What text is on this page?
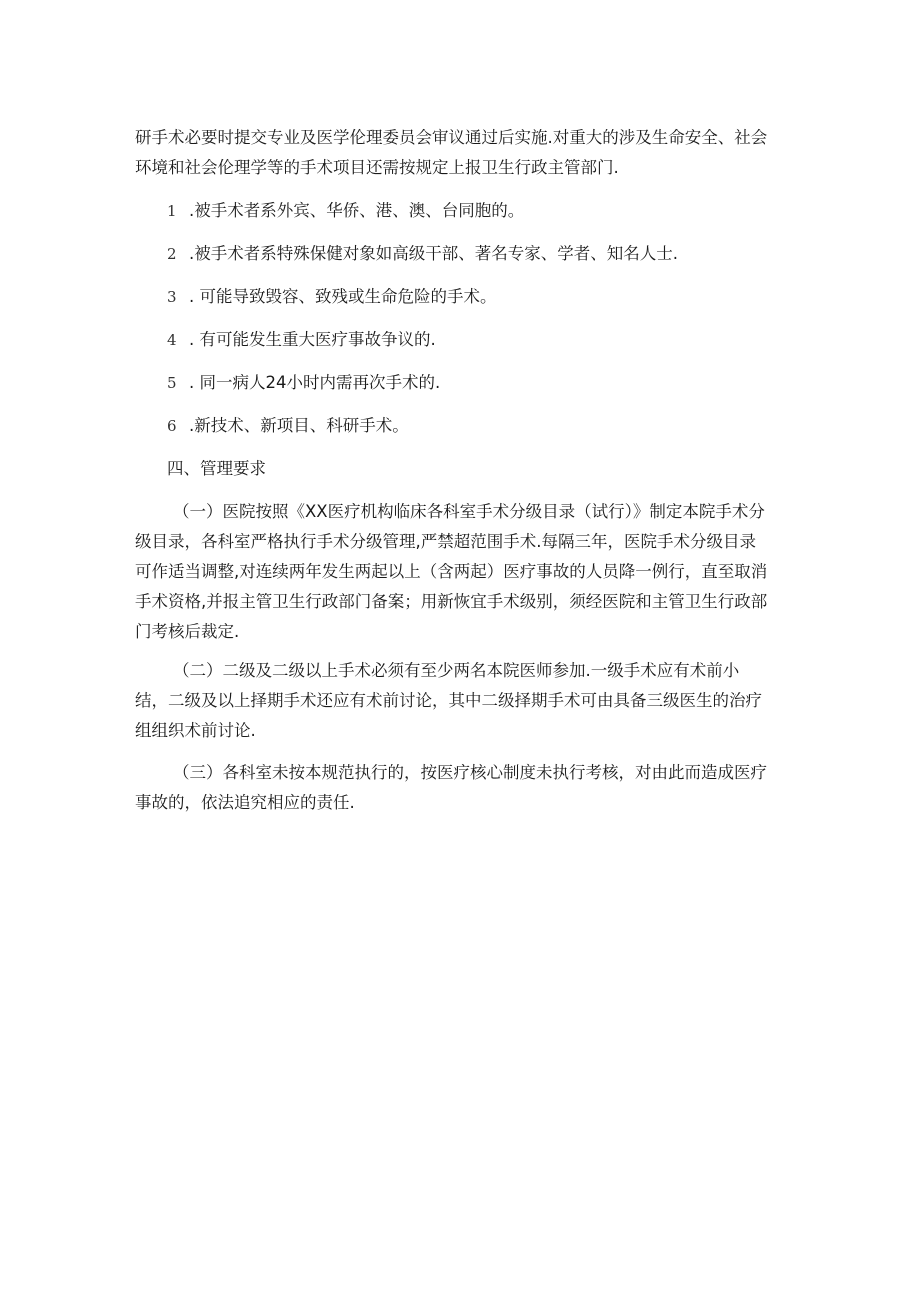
研手术必要时提交专业及医学伦理委员会审议通过后实施.对重大的涉及生命安全、社会
环境和社会伦理学等的手术项目还需按规定上报卫生行政主管部门.
1 .被手术者系外宾、华侨、港、澳、台同胞的。
2 .被手术者系特殊保健对象如高级干部、著名专家、学者、知名人士.
3 . 可能导致毁容、致残或生命危险的手术。
4 . 有可能发生重大医疗事故争议的.
5 . 同一病人24小时内需再次手术的.
6 .新技术、新项目、科研手术。
四、管理要求
（一）医院按照《XX医疗机构临床各科室手术分级目录（试行）》制定本院手术分
级目录，各科室严格执行手术分级管理,严禁超范围手术.每隔三年，医院手术分级目录
可作适当调整,对连续两年发生两起以上（含两起）医疗事故的人员降一例行，直至取消
手术资格,并报主管卫生行政部门备案；用新恢宜手术级别，须经医院和主管卫生行政部
门考核后裁定.
（二）二级及二级以上手术必须有至少两名本院医师参加.一级手术应有术前小
结，二级及以上择期手术还应有术前讨论，其中二级择期手术可由具备三级医生的治疗
组组织术前讨论.
（三）各科室未按本规范执行的，按医疗核心制度未执行考核，对由此而造成医疗
事故的，依法追究相应的责任.
